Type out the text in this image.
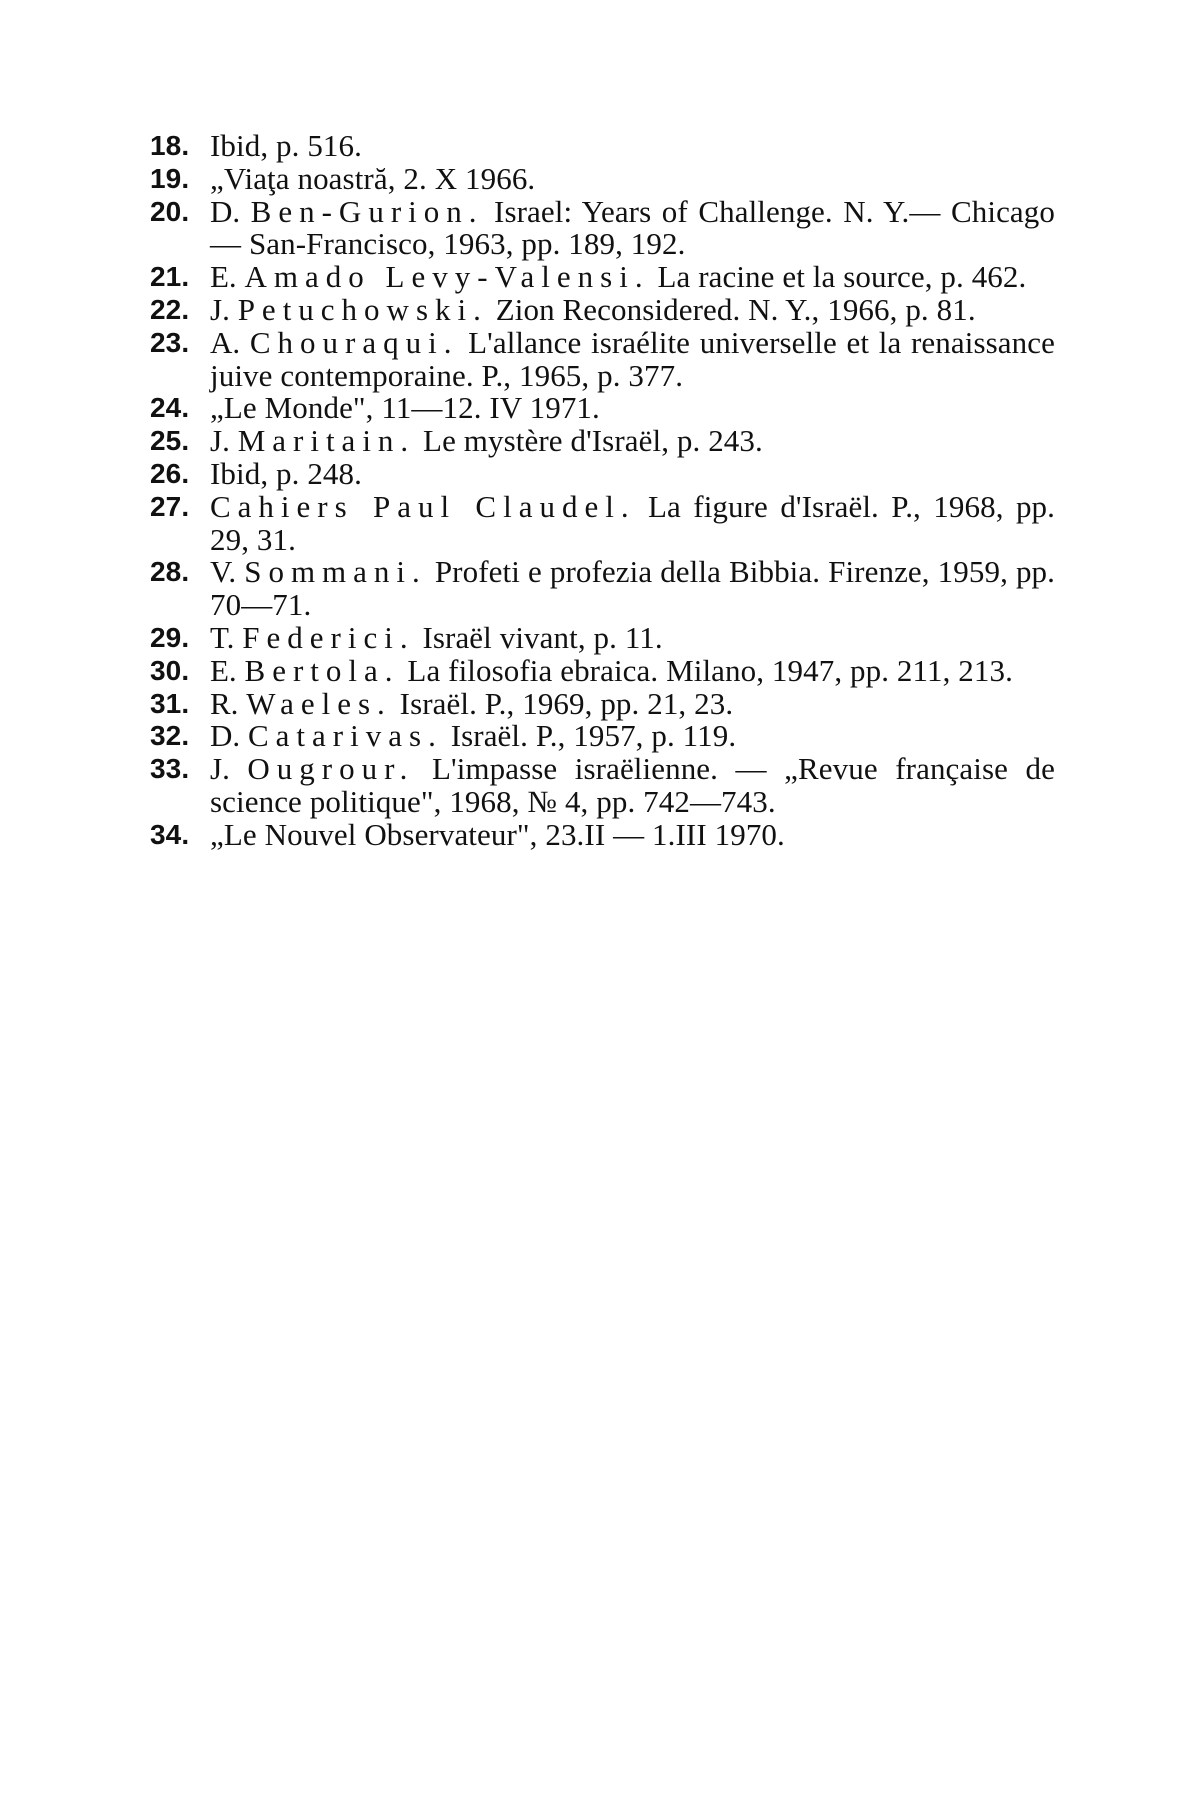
18. Ibid, p. 516.
19. „Viaţa noastră, 2. X 1966.
20. D. Ben-Gurion. Israel: Years of Challenge. N. Y.— Chicago — San-Francisco, 1963, pp. 189, 192.
21. E. Amado Levy-Valensi. La racine et la source, p. 462.
22. J. Petuchowski. Zion Reconsidered. N. Y., 1966, p. 81.
23. A. Chouraqui. L'allance israélite universelle et la renaissance juive contemporaine. P., 1965, p. 377.
24. „Le Monde", 11—12. IV 1971.
25. J. Maritain. Le mystère d'Israël, p. 243.
26. Ibid, p. 248.
27. Cahiers Paul Claudel. La figure d'Israël. P., 1968, pp. 29, 31.
28. V. Sommani. Profeti e profezia della Bibbia. Firenze, 1959, pp. 70—71.
29. T. Federici. Israël vivant, p. 11.
30. E. Bertola. La filosofia ebraica. Milano, 1947, pp. 211, 213.
31. R. Waeles. Israël. P., 1969, pp. 21, 23.
32. D. Catarivas. Israël. P., 1957, p. 119.
33. J. Ougrour. L'impasse israëlienne. — „Revue française de science politique", 1968, № 4, pp. 742—743.
34. „Le Nouvel Observateur", 23.II — 1.III 1970.
